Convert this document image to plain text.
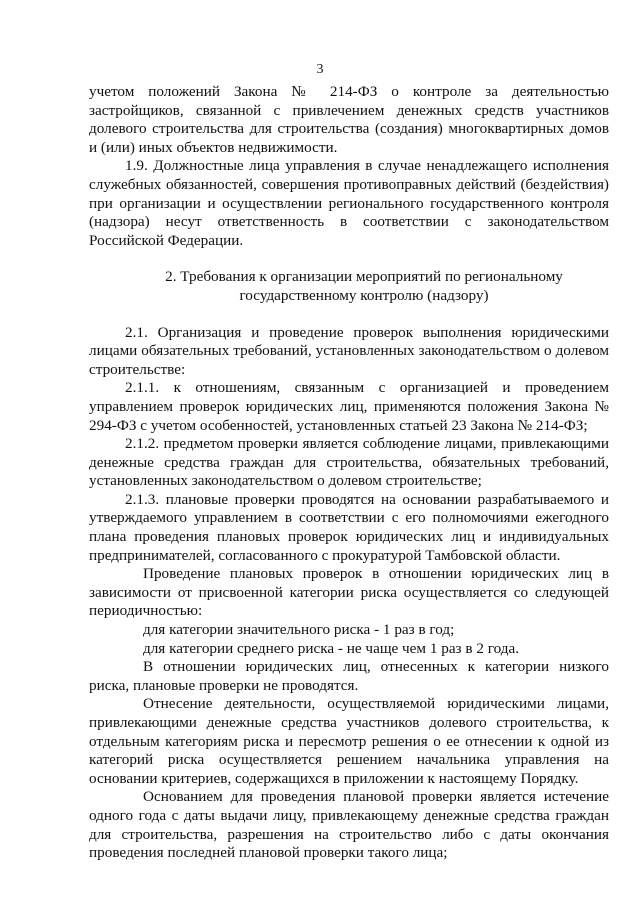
3

учетом положений Закона № 214-ФЗ о контроле за деятельностью застройщиков, связанной с привлечением денежных средств участников долевого строительства для строительства (создания) многоквартирных домов и (или) иных объектов недвижимости.

1.9. Должностные лица управления в случае ненадлежащего исполнения служебных обязанностей, совершения противоправных действий (бездействия) при организации и осуществлении регионального государственного контроля (надзора) несут ответственность в соответствии с законодательством Российской Федерации.

2. Требования к организации мероприятий по региональному
государственному контролю (надзору)

2.1. Организация и проведение проверок выполнения юридическими лицами обязательных требований, установленных законодательством о долевом строительстве:

2.1.1. к отношениям, связанным с организацией и проведением управлением проверок юридических лиц, применяются положения Закона № 294-ФЗ с учетом особенностей, установленных статьей 23 Закона № 214-ФЗ;

2.1.2. предметом проверки является соблюдение лицами, привлекающими денежные средства граждан для строительства, обязательных требований, установленных законодательством о долевом строительстве;

2.1.3. плановые проверки проводятся на основании разрабатываемого и утверждаемого управлением в соответствии с его полномочиями ежегодного плана проведения плановых проверок юридических лиц и индивидуальных предпринимателей, согласованного с прокуратурой Тамбовской области.

Проведение плановых проверок в отношении юридических лиц в зависимости от присвоенной категории риска осуществляется со следующей периодичностью:

для категории значительного риска - 1 раз в год;

для категории среднего риска - не чаще чем 1 раз в 2 года.

В отношении юридических лиц, отнесенных к категории низкого риска, плановые проверки не проводятся.

Отнесение деятельности, осуществляемой юридическими лицами, привлекающими денежные средства участников долевого строительства, к отдельным категориям риска и пересмотр решения о ее отнесении к одной из категорий риска осуществляется решением начальника управления на основании критериев, содержащихся в приложении к настоящему Порядку.

Основанием для проведения плановой проверки является истечение одного года с даты выдачи лицу, привлекающему денежные средства граждан для строительства, разрешения на строительство либо с даты окончания проведения последней плановой проверки такого лица;
